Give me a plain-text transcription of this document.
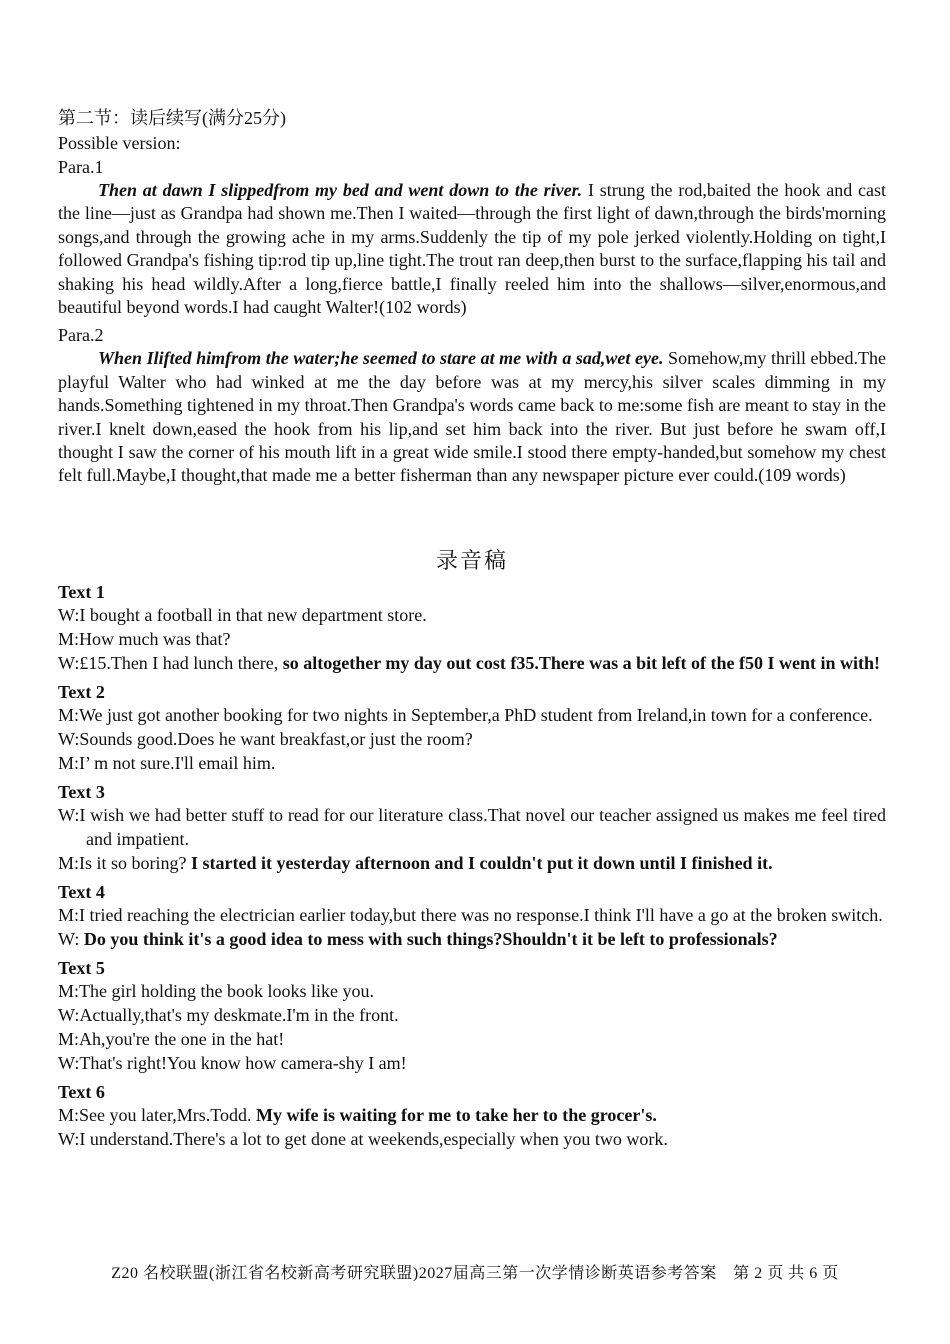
第二节：读后续写(满分25分)

Possible version:

Para.1

Then at dawn I slippedfrom my bed and went down to the river. I strung the rod,baited the hook and cast the line—just as Grandpa had shown me.Then I waited—through the first light of dawn,through the birds'morning songs,and through the growing ache in my arms.Suddenly the tip of my pole jerked violently.Holding on tight,I followed Grandpa's fishing tip:rod tip up,line tight.The trout ran deep,then burst to the surface,flapping his tail and shaking his head wildly.After a long,fierce battle,I finally reeled him into the shallows—silver,enormous,and beautiful beyond words.I had caught Walter!(102 words)

Para.2

When Ilifted himfrom the water;he seemed to stare at me with a sad,wet eye. Somehow,my thrill ebbed.The playful Walter who had winked at me the day before was at my mercy,his silver scales dimming in my hands.Something tightened in my throat.Then Grandpa's words came back to me:some fish are meant to stay in the river.I knelt down,eased the hook from his lip,and set him back into the river. But just before he swam off,I thought I saw the corner of his mouth lift in a great wide smile.I stood there empty-handed,but somehow my chest felt full.Maybe,I thought,that made me a better fisherman than any newspaper picture ever could.(109 words)

录音稿

Text 1

W:I bought a football in that new department store.

M:How much was that?

W:£15.Then I had lunch there, so altogether my day out cost f35.There was a bit left of the f50 I went in with!

Text 2

M:We just got another booking for two nights in September,a PhD student from Ireland,in town for a conference.

W:Sounds good.Does he want breakfast,or just the room?

M:I’ m not sure.I'll email him.

Text 3

W:I wish we had better stuff to read for our literature class.That novel our teacher assigned us makes me feel tired and impatient.

M:Is it so boring? I started it yesterday afternoon and I couldn't put it down until I finished it.

Text 4

M:I tried reaching the electrician earlier today,but there was no response.I think I'll have a go at the broken switch.

W: Do you think it's a good idea to mess with such things?Shouldn't it be left to professionals?

Text 5

M:The girl holding the book looks like you.

W:Actually,that's my deskmate.I'm in the front.

M:Ah,you're the one in the hat!

W:That's right!You know how camera-shy I am!

Text 6

M:See you later,Mrs.Todd. My wife is waiting for me to take her to the grocer's.

W:I understand.There's a lot to get done at weekends,especially when you two work.

Z20 名校联盟(浙江省名校新高考研究联盟)2027届高三第一次学情诊断英语参考答案　第 2 页 共 6 页
